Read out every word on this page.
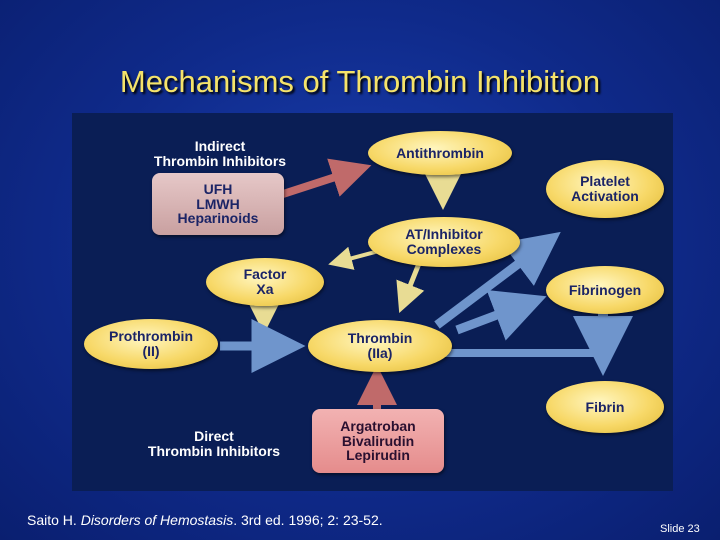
Mechanisms of Thrombin Inhibition
Indirect
Thrombin Inhibitors
UFH
LMWH
Heparinoids
Antithrombin
AT/Inhibitor
Complexes
Factor
Xa
Platelet
Activation
Fibrinogen
Prothrombin
(II)
Thrombin
(IIa)
Fibrin
Direct
Thrombin Inhibitors
Argatroban
Bivalirudin
Lepirudin
Saito H. Disorders of Hemostasis. 3rd ed. 1996; 2: 23-52.
Slide 23
